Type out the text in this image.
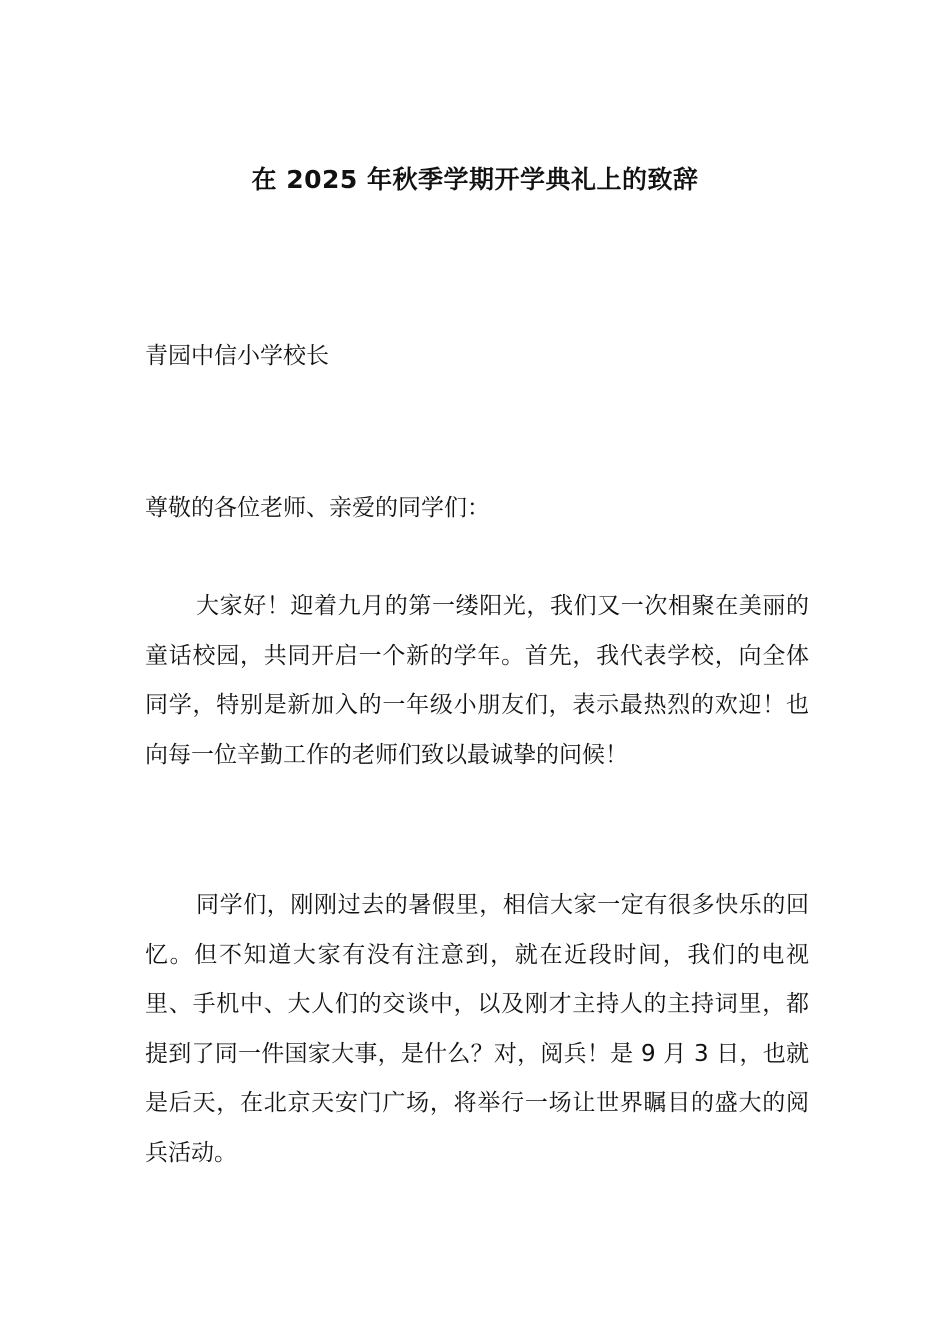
在 2025 年秋季学期开学典礼上的致辞
青园中信小学校长
尊敬的各位老师、亲爱的同学们：

大家好！迎着九月的第一缕阳光，我们又一次相聚在美丽的童话校园，共同开启一个新的学年。首先，我代表学校，向全体同学，特别是新加入的一年级小朋友们，表示最热烈的欢迎！也向每一位辛勤工作的老师们致以最诚挚的问候！

同学们，刚刚过去的暑假里，相信大家一定有很多快乐的回忆。但不知道大家有没有注意到，就在近段时间，我们的电视里、手机中、大人们的交谈中，以及刚才主持人的主持词里，都提到了同一件国家大事，是什么？对，阅兵！是 9 月 3 日，也就是后天，在北京天安门广场，将举行一场让世界瞩目的盛大的阅兵活动。
